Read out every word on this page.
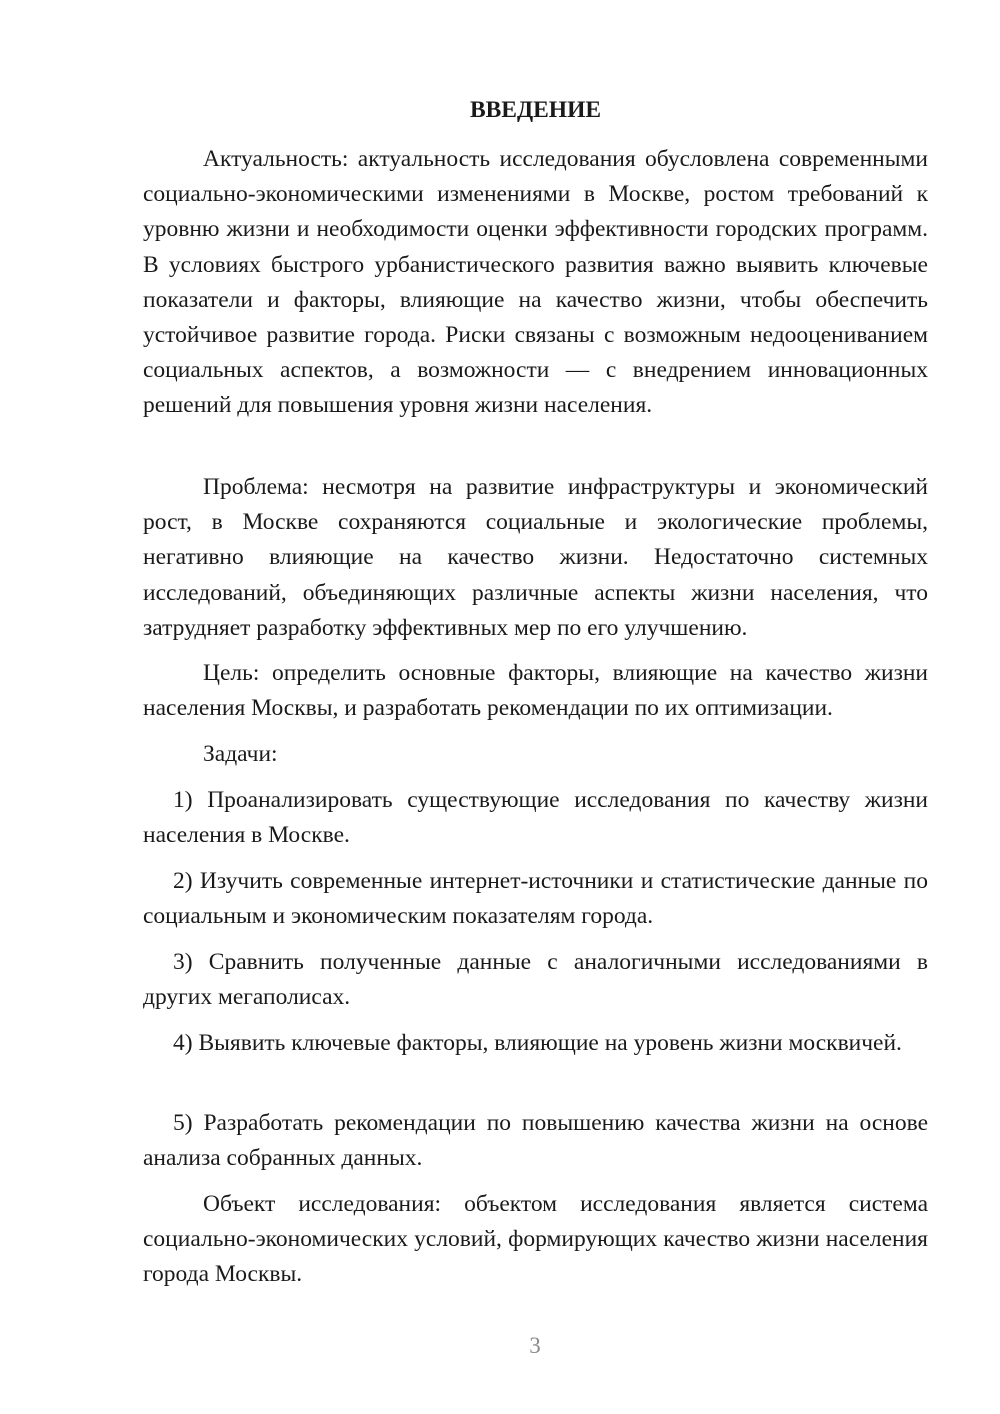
ВВЕДЕНИЕ
Актуальность: актуальность исследования обусловлена современными социально-экономическими изменениями в Москве, ростом требований к уровню жизни и необходимости оценки эффективности городских программ. В условиях быстрого урбанистического развития важно выявить ключевые показатели и факторы, влияющие на качество жизни, чтобы обеспечить устойчивое развитие города. Риски связаны с возможным недооцениванием социальных аспектов, а возможности — с внедрением инновационных решений для повышения уровня жизни населения.
Проблема: несмотря на развитие инфраструктуры и экономический рост, в Москве сохраняются социальные и экологические проблемы, негативно влияющие на качество жизни. Недостаточно системных исследований, объединяющих различные аспекты жизни населения, что затрудняет разработку эффективных мер по его улучшению.
Цель: определить основные факторы, влияющие на качество жизни населения Москвы, и разработать рекомендации по их оптимизации.
Задачи:
1) Проанализировать существующие исследования по качеству жизни населения в Москве.
2) Изучить современные интернет-источники и статистические данные по социальным и экономическим показателям города.
3) Сравнить полученные данные с аналогичными исследованиями в других мегаполисах.
4) Выявить ключевые факторы, влияющие на уровень жизни москвичей.
5) Разработать рекомендации по повышению качества жизни на основе анализа собранных данных.
Объект исследования: объектом исследования является система социально-экономических условий, формирующих качество жизни населения города Москвы.
3
